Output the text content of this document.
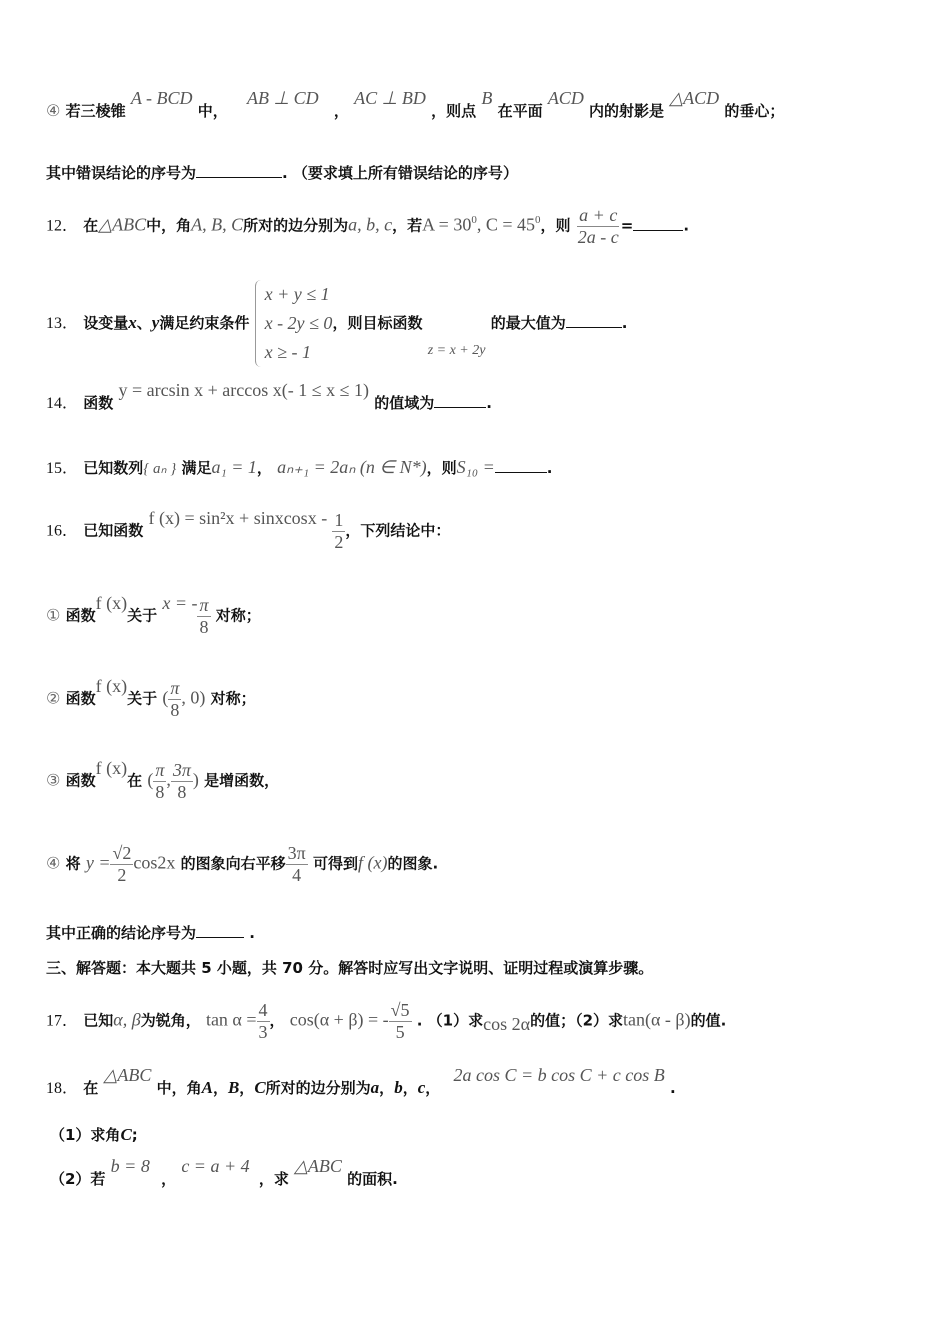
④ 若三棱锥 A - BCD 中， AB ⊥ CD ， AC ⊥ BD ，则点 B 在平面 ACD 内的射影是 △ACD 的垂心；
其中错误结论的序号为	. （要求填上所有错误结论的序号）
12． 在△ABC中，角A, B, C所对的边分别为a, b, c，若$A = 30^0$, $C = 45^0$，则 $\frac{a + c}{2a - c}$ =	.
13． 设变量x、y满足约束条件
x + y ≤ 1
x - 2y ≤ 0
x ≥ - 1
，则目标函数 z = x + 2y 的最大值为	.
14． 函数 y = arcsin x + arccos x(- 1 ≤ x ≤ 1) 的值域为	.
15． 已知数列{ aₙ } 满足a₁ = 1， aₙ₊₁ = 2aₙ (n ∈ N*)，则S₁₀ =	.
16． 已知函数 f (x) = sin²x + sinxcosx - $\frac{1}{2}$ ，下列结论中：
① 函数f (x)关于 x = - $\frac{\pi}{8}$ 对称；
② 函数f (x)关于 ( $\frac{\pi}{8}$ , 0) 对称；
③ 函数f (x)在 ( $\frac{\pi}{8}$ , $\frac{3\pi}{8}$ ) 是增函数，
④ 将 $y = \frac{√2}{2} \cos 2x$ 的图象向右平移 $\frac{3\pi}{4}$ 可得到f (x)的图象.
其中正确的结论序号为	.
三、解答题：本大题共 5 小题，共 70 分。解答时应写出文字说明、证明过程或演算步骤。
17． 已知α, β为锐角， $\tan \alpha = \frac{4}{3}$ ， cos(α + β) = - $\frac{√5}{5}$ . （1）求cos 2α的值；（2）求tan(α - β)的值.
18． 在 △ABC 中，角A，B，C所对的边分别为a，b，c， 2a cos C = b cos C + c cos B .
（1）求角C;
（2）若 b = 8 ， c = a + 4 ，求 △ABC 的面积.
